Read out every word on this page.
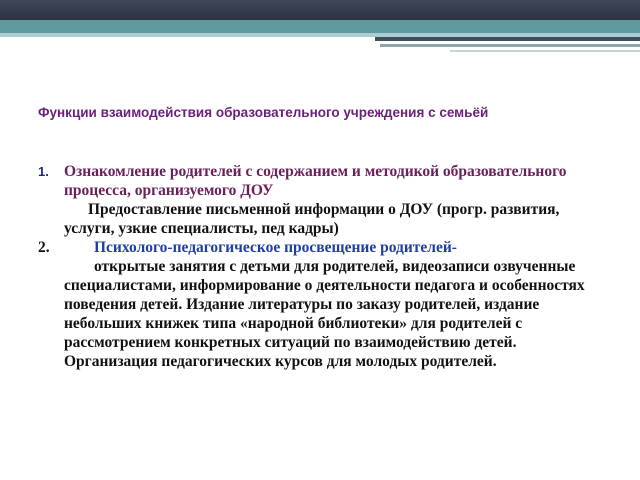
Функции взаимодействия образовательного учреждения с семьёй
1. Ознакомление родителей с содержанием и методикой образовательного процесса, организуемого ДОУ
Предоставление письменной информации о ДОУ (прогр. развития, услуги, узкие специалисты, пед кадры)
2.	Психолого-педагогическое просвещение родителей-
открытые занятия с детьми для родителей, видеозаписи озвученные специалистами, информирование о деятельности педагога и особенностях поведения детей. Издание литературы по заказу родителей, издание небольших книжек типа «народной библиотеки» для родителей с рассмотрением конкретных ситуаций по взаимодействию детей. Организация педагогических курсов для молодых родителей.
